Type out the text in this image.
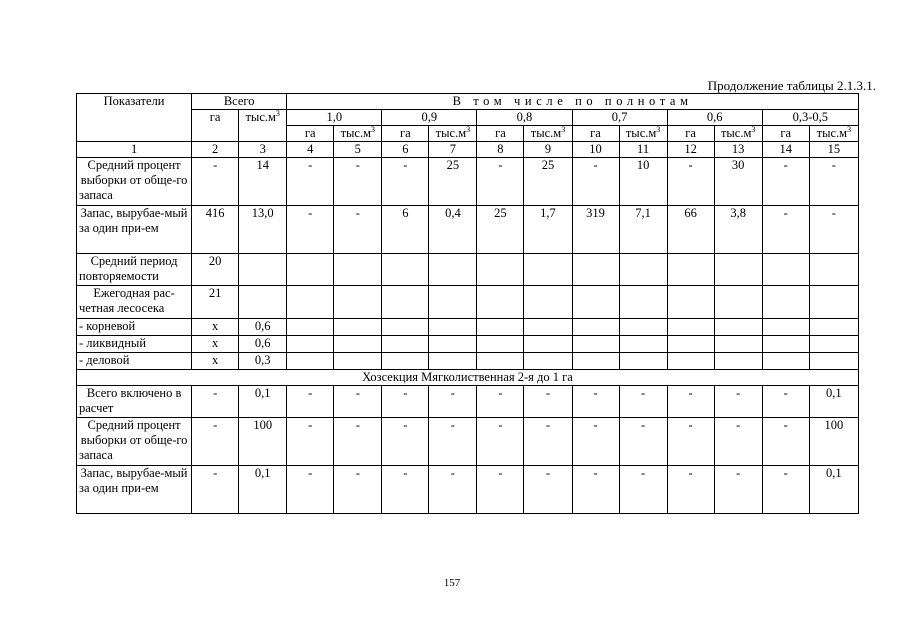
Продолжение таблицы 2.1.3.1.
Показатели	Всего		В том числе по полнотам											
	га	$тыс.м^3$	1,0		0,9		0,8		0,7		0,6		0,3-0,5	
			га	$тыс.м^3$	га	$тыс.м^3$	га	$тыс.м^3$	га	$тыс.м^3$	га	$тыс.м^3$	га	$тыс.м^3$
1	2	3	4	5	6	7	8	9	10	11	12	13	14	15
Средний процент выборки от обще-го запаса	-	14	-	-	-	25	-	25	-	10	-	30	-	-
Запас, вырубае-мый за один при-ем	416	13,0	-	-	6	0,4	25	1,7	319	7,1	66	3,8	-	-
Средний период повторяемости	20													
Ежегодная рас-четная лесосека	21													
- корневой	х	0,6												
- ликвидный	х	0,6												
- деловой	х	0,3												
Хозсекция Мягколиственная 2-я до 1 га														
Всего включено в расчет	-	0,1	-	-	-	-	-	-	-	-	-	-	-	0,1
Средний процент выборки от обще-го запаса	-	100	-	-	-	-	-	-	-	-	-	-	-	100
Запас, вырубае-мый за один при-ем	-	0,1	-	-	-	-	-	-	-	-	-	-	-	0,1
157
